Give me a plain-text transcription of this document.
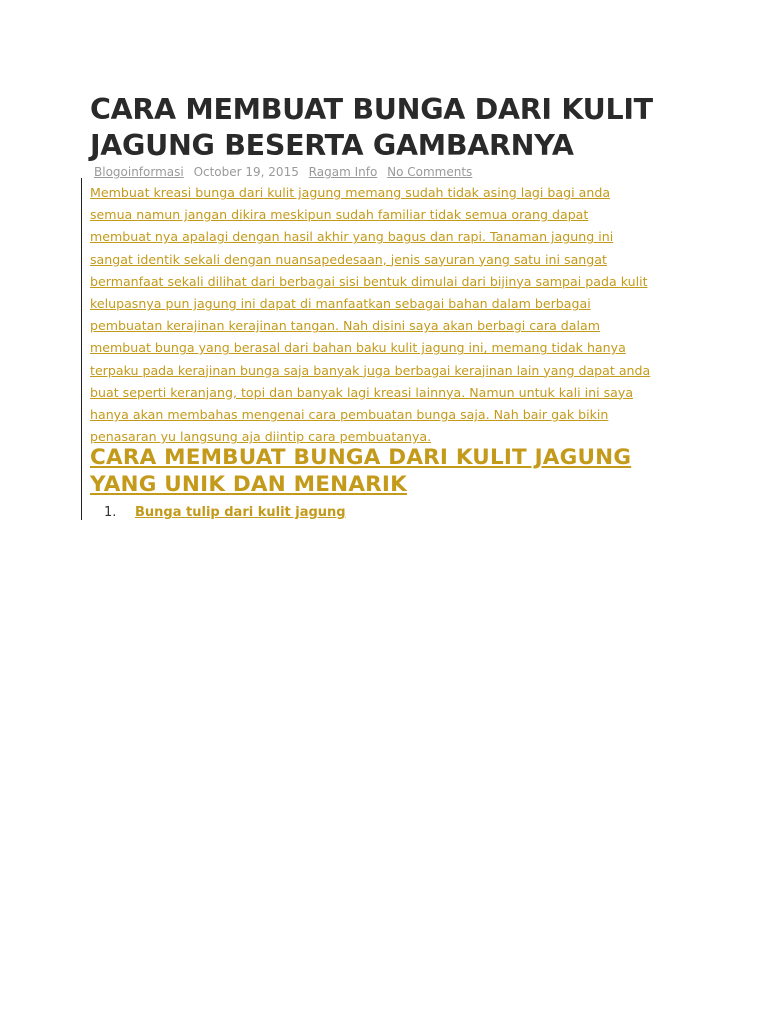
CARA MEMBUAT BUNGA DARI KULIT
JAGUNG BESERTA GAMBARNYA
Blogoinformasi October 19, 2015 Ragam Info No Comments
Membuat kreasi bunga dari kulit jagung memang sudah tidak asing lagi bagi anda
semua namun jangan dikira meskipun sudah familiar tidak semua orang dapat
membuat nya apalagi dengan hasil akhir yang bagus dan rapi. Tanaman jagung ini
sangat identik sekali dengan nuansapedesaan, jenis sayuran yang satu ini sangat
bermanfaat sekali dilihat dari berbagai sisi bentuk dimulai dari bijinya sampai pada kulit
kelupasnya pun jagung ini dapat di manfaatkan sebagai bahan dalam berbagai
pembuatan kerajinan kerajinan tangan. Nah disini saya akan berbagi cara dalam
membuat bunga yang berasal dari bahan baku kulit jagung ini, memang tidak hanya
terpaku pada kerajinan bunga saja banyak juga berbagai kerajinan lain yang dapat anda
buat seperti keranjang, topi dan banyak lagi kreasi lainnya. Namun untuk kali ini saya
hanya akan membahas mengenai cara pembuatan bunga saja. Nah bair gak bikin
penasaran yu langsung aja diintip cara pembuatanya.
CARA MEMBUAT BUNGA DARI KULIT JAGUNG
YANG UNIK DAN MENARIK
1. Bunga tulip dari kulit jagung
